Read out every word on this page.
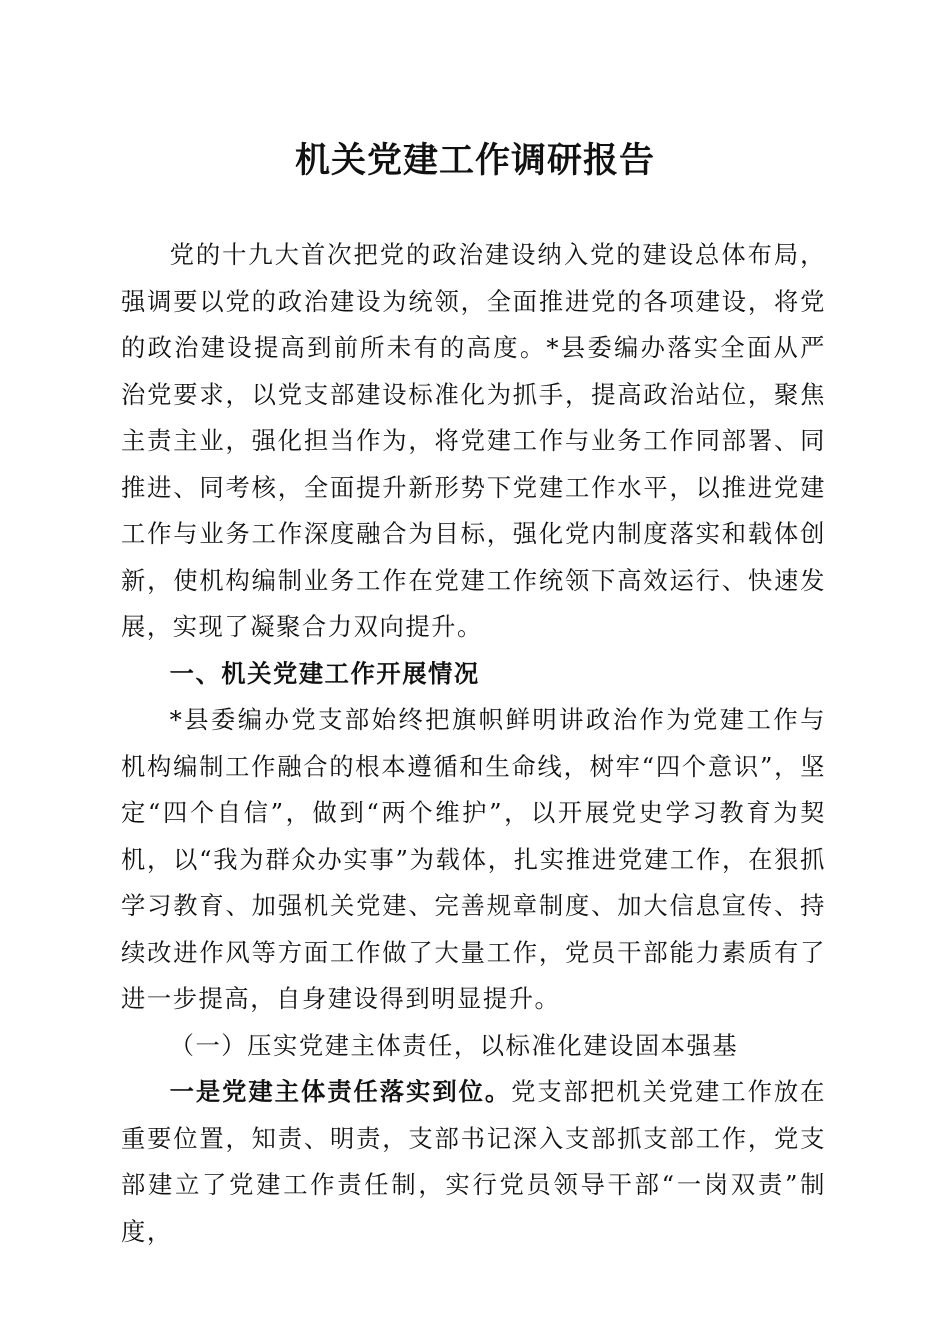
机关党建工作调研报告

党的十九大首次把党的政治建设纳入党的建设总体布局，强调要以党的政治建设为统领，全面推进党的各项建设，将党的政治建设提高到前所未有的高度。*县委编办落实全面从严治党要求，以党支部建设标准化为抓手，提高政治站位，聚焦主责主业，强化担当作为，将党建工作与业务工作同部署、同推进、同考核，全面提升新形势下党建工作水平，以推进党建工作与业务工作深度融合为目标，强化党内制度落实和载体创新，使机构编制业务工作在党建工作统领下高效运行、快速发展，实现了凝聚合力双向提升。

一、机关党建工作开展情况

*县委编办党支部始终把旗帜鲜明讲政治作为党建工作与机构编制工作融合的根本遵循和生命线，树牢“四个意识”，坚定“四个自信”，做到“两个维护”，以开展党史学习教育为契机，以“我为群众办实事”为载体，扎实推进党建工作，在狠抓学习教育、加强机关党建、完善规章制度、加大信息宣传、持续改进作风等方面工作做了大量工作，党员干部能力素质有了进一步提高，自身建设得到明显提升。

（一）压实党建主体责任，以标准化建设固本强基

一是党建主体责任落实到位。党支部把机关党建工作放在重要位置，知责、明责，支部书记深入支部抓支部工作，党支部建立了党建工作责任制，实行党员领导干部“一岗双责”制度，
